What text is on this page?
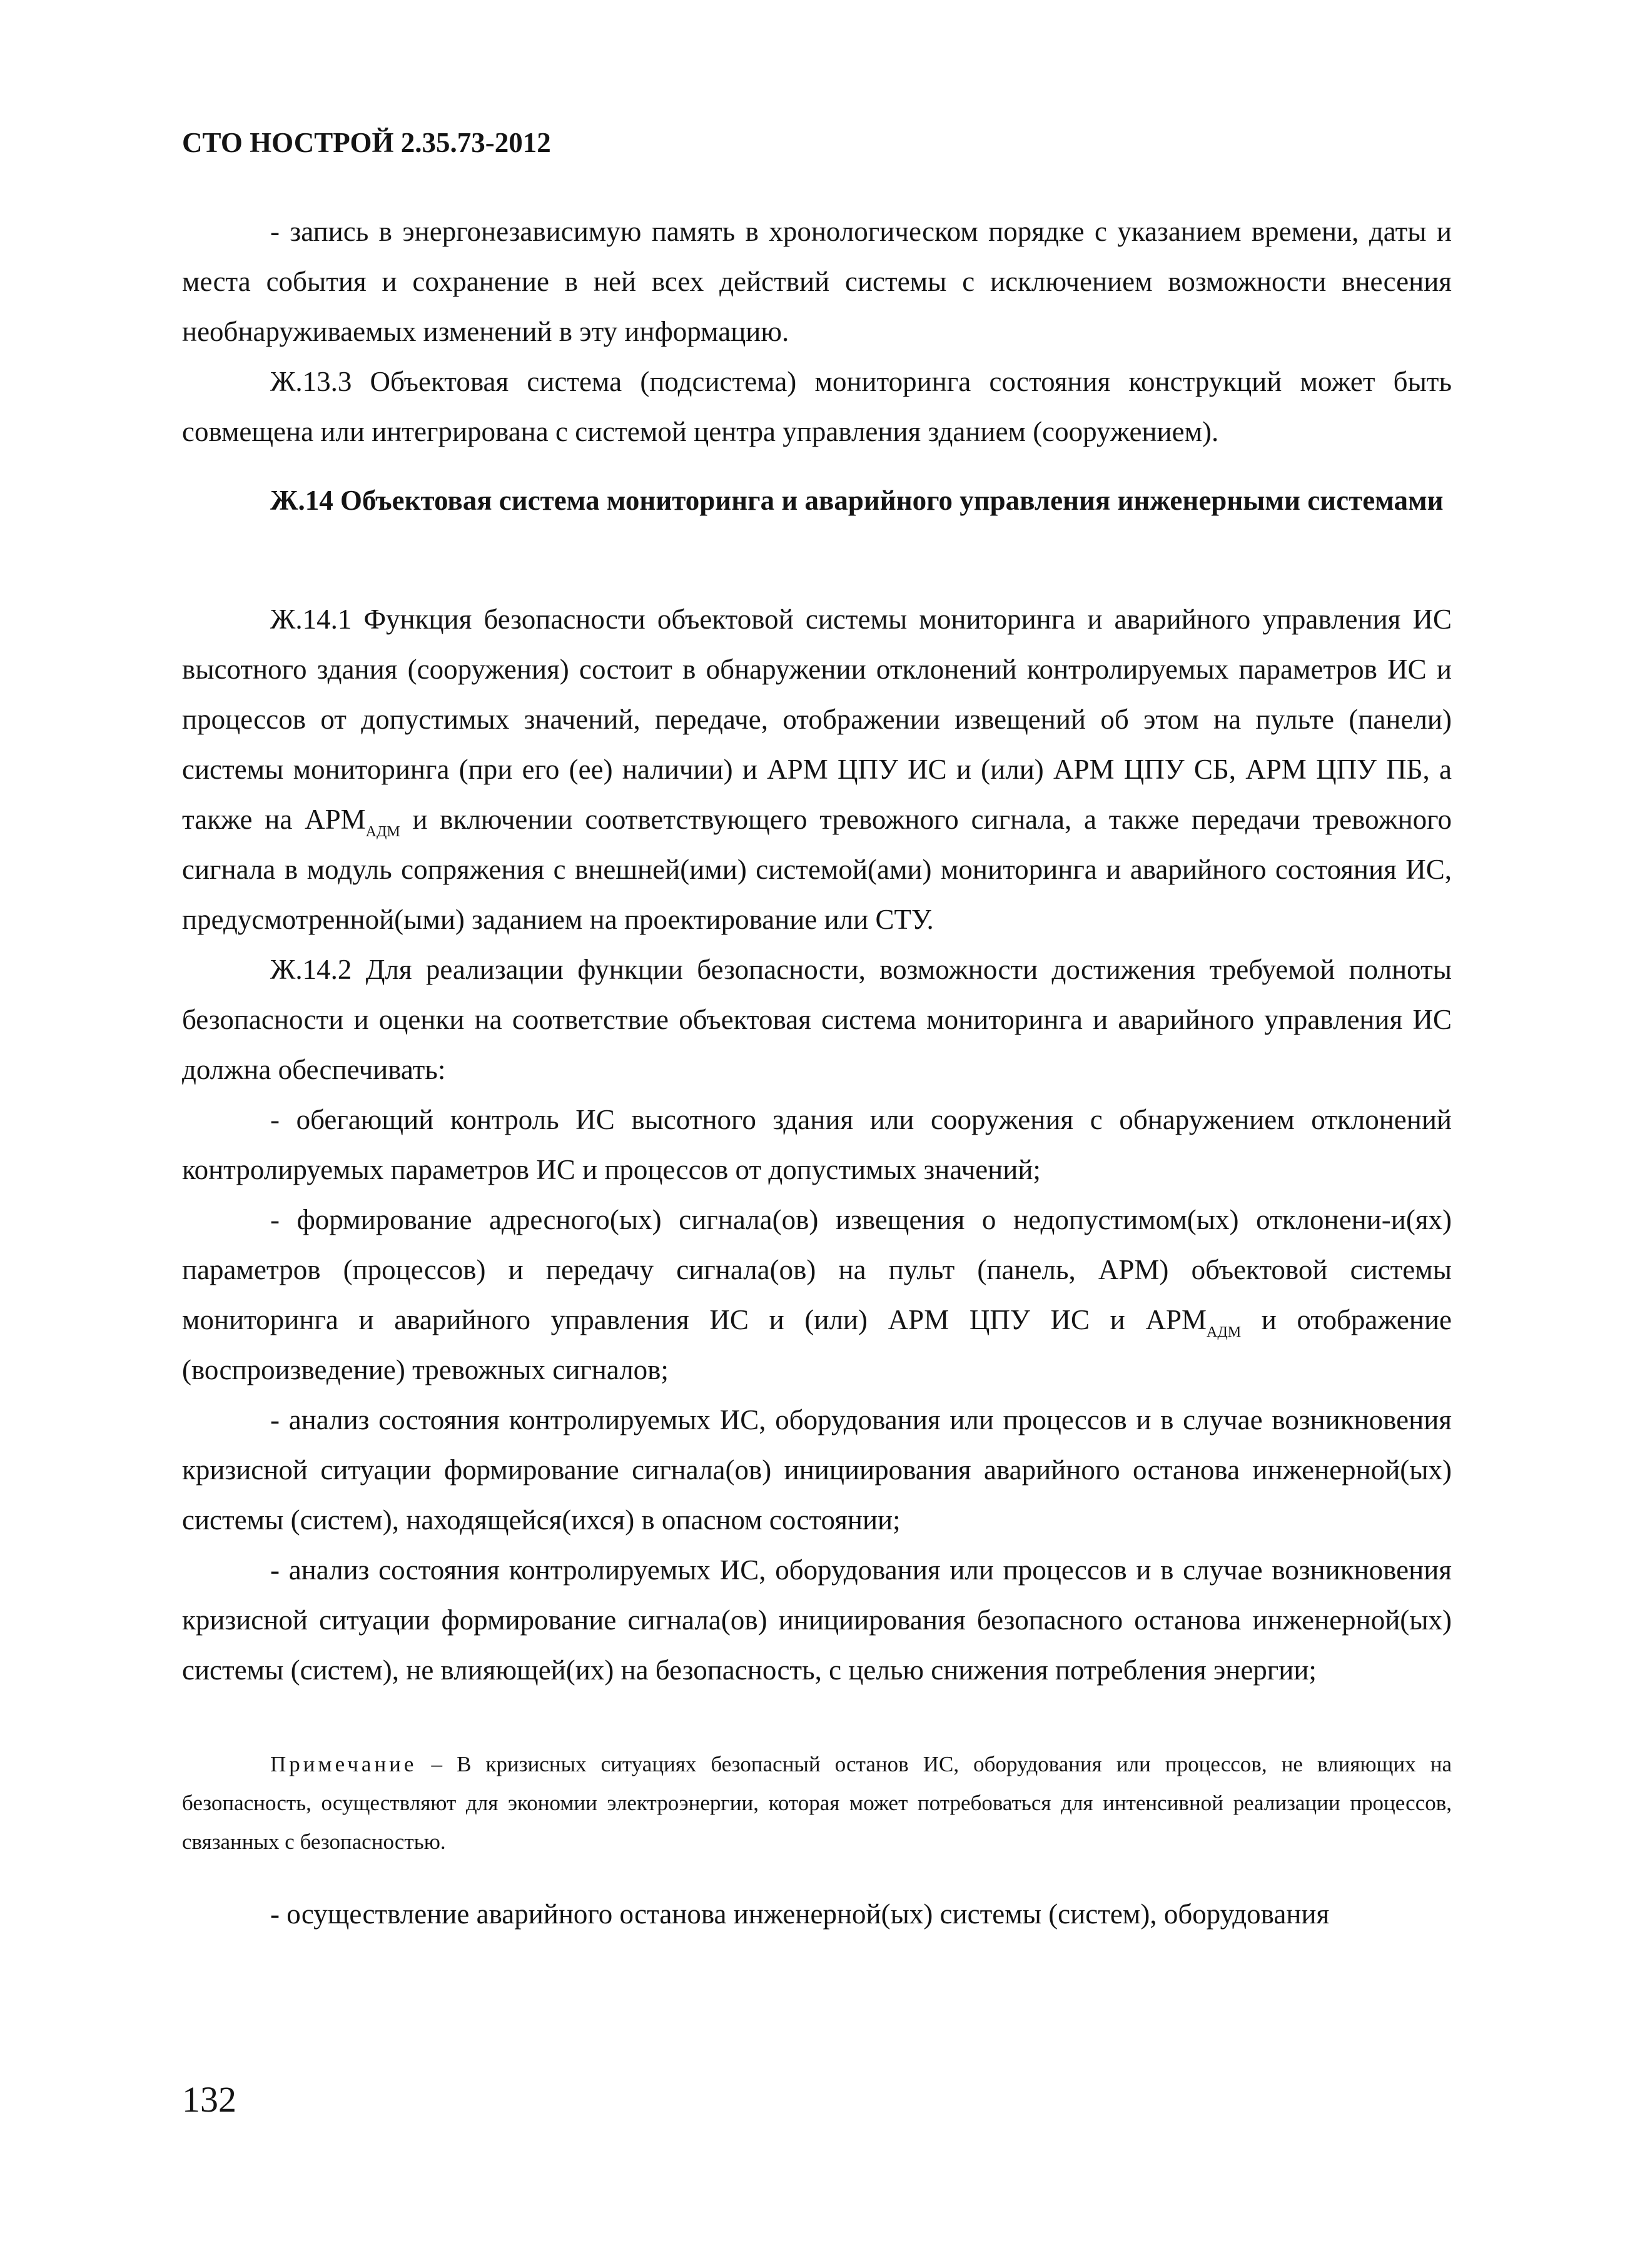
СТО НОСТРОЙ 2.35.73-2012

- запись в энергонезависимую память в хронологическом порядке с указанием времени, даты и места события и сохранение в ней всех действий системы с исключением возможности внесения необнаруживаемых изменений в эту информацию.

Ж.13.3 Объектовая система (подсистема) мониторинга состояния конструкций может быть совмещена или интегрирована с системой центра управления зданием (сооружением).

Ж.14 Объектовая система мониторинга и аварийного управления инженерными системами

Ж.14.1 Функция безопасности объектовой системы мониторинга и аварийного управления ИС высотного здания (сооружения) состоит в обнаружении отклонений контролируемых параметров ИС и процессов от допустимых значений, передаче, отображении извещений об этом на пульте (панели) системы мониторинга (при его (ее) наличии) и АРМ ЦПУ ИС и (или) АРМ ЦПУ СБ, АРМ ЦПУ ПБ, а также на $АРМ_{АДМ}$ и включении соответствующего тревожного сигнала, а также передачи тревожного сигнала в модуль сопряжения с внешней(ими) системой(ами) мониторинга и аварийного состояния ИС, предусмотренной(ыми) заданием на проектирование или СТУ.

Ж.14.2 Для реализации функции безопасности, возможности достижения требуемой полноты безопасности и оценки на соответствие объектовая система мониторинга и аварийного управления ИС должна обеспечивать:

- обегающий контроль ИС высотного здания или сооружения с обнаружением отклонений контролируемых параметров ИС и процессов от допустимых значений;

- формирование адресного(ых) сигнала(ов) извещения о недопустимом(ых) отклонени-и(ях) параметров (процессов) и передачу сигнала(ов) на пульт (панель, АРМ) объектовой системы мониторинга и аварийного управления ИС и (или) АРМ ЦПУ ИС и $АРМ_{АДМ}$ и отображение (воспроизведение) тревожных сигналов;

- анализ состояния контролируемых ИС, оборудования или процессов и в случае возникновения кризисной ситуации формирование сигнала(ов) инициирования аварийного останова инженерной(ых) системы (систем), находящейся(ихся) в опасном состоянии;

- анализ состояния контролируемых ИС, оборудования или процессов и в случае возникновения кризисной ситуации формирование сигнала(ов) инициирования безопасного останова инженерной(ых) системы (систем), не влияющей(их) на безопасность, с целью снижения потребления энергии;

Примечание – В кризисных ситуациях безопасный останов ИС, оборудования или процессов, не влияющих на безопасность, осуществляют для экономии электроэнергии, которая может потребоваться для интенсивной реализации процессов, связанных с безопасностью.

- осуществление аварийного останова инженерной(ых) системы (систем), оборудования

132
